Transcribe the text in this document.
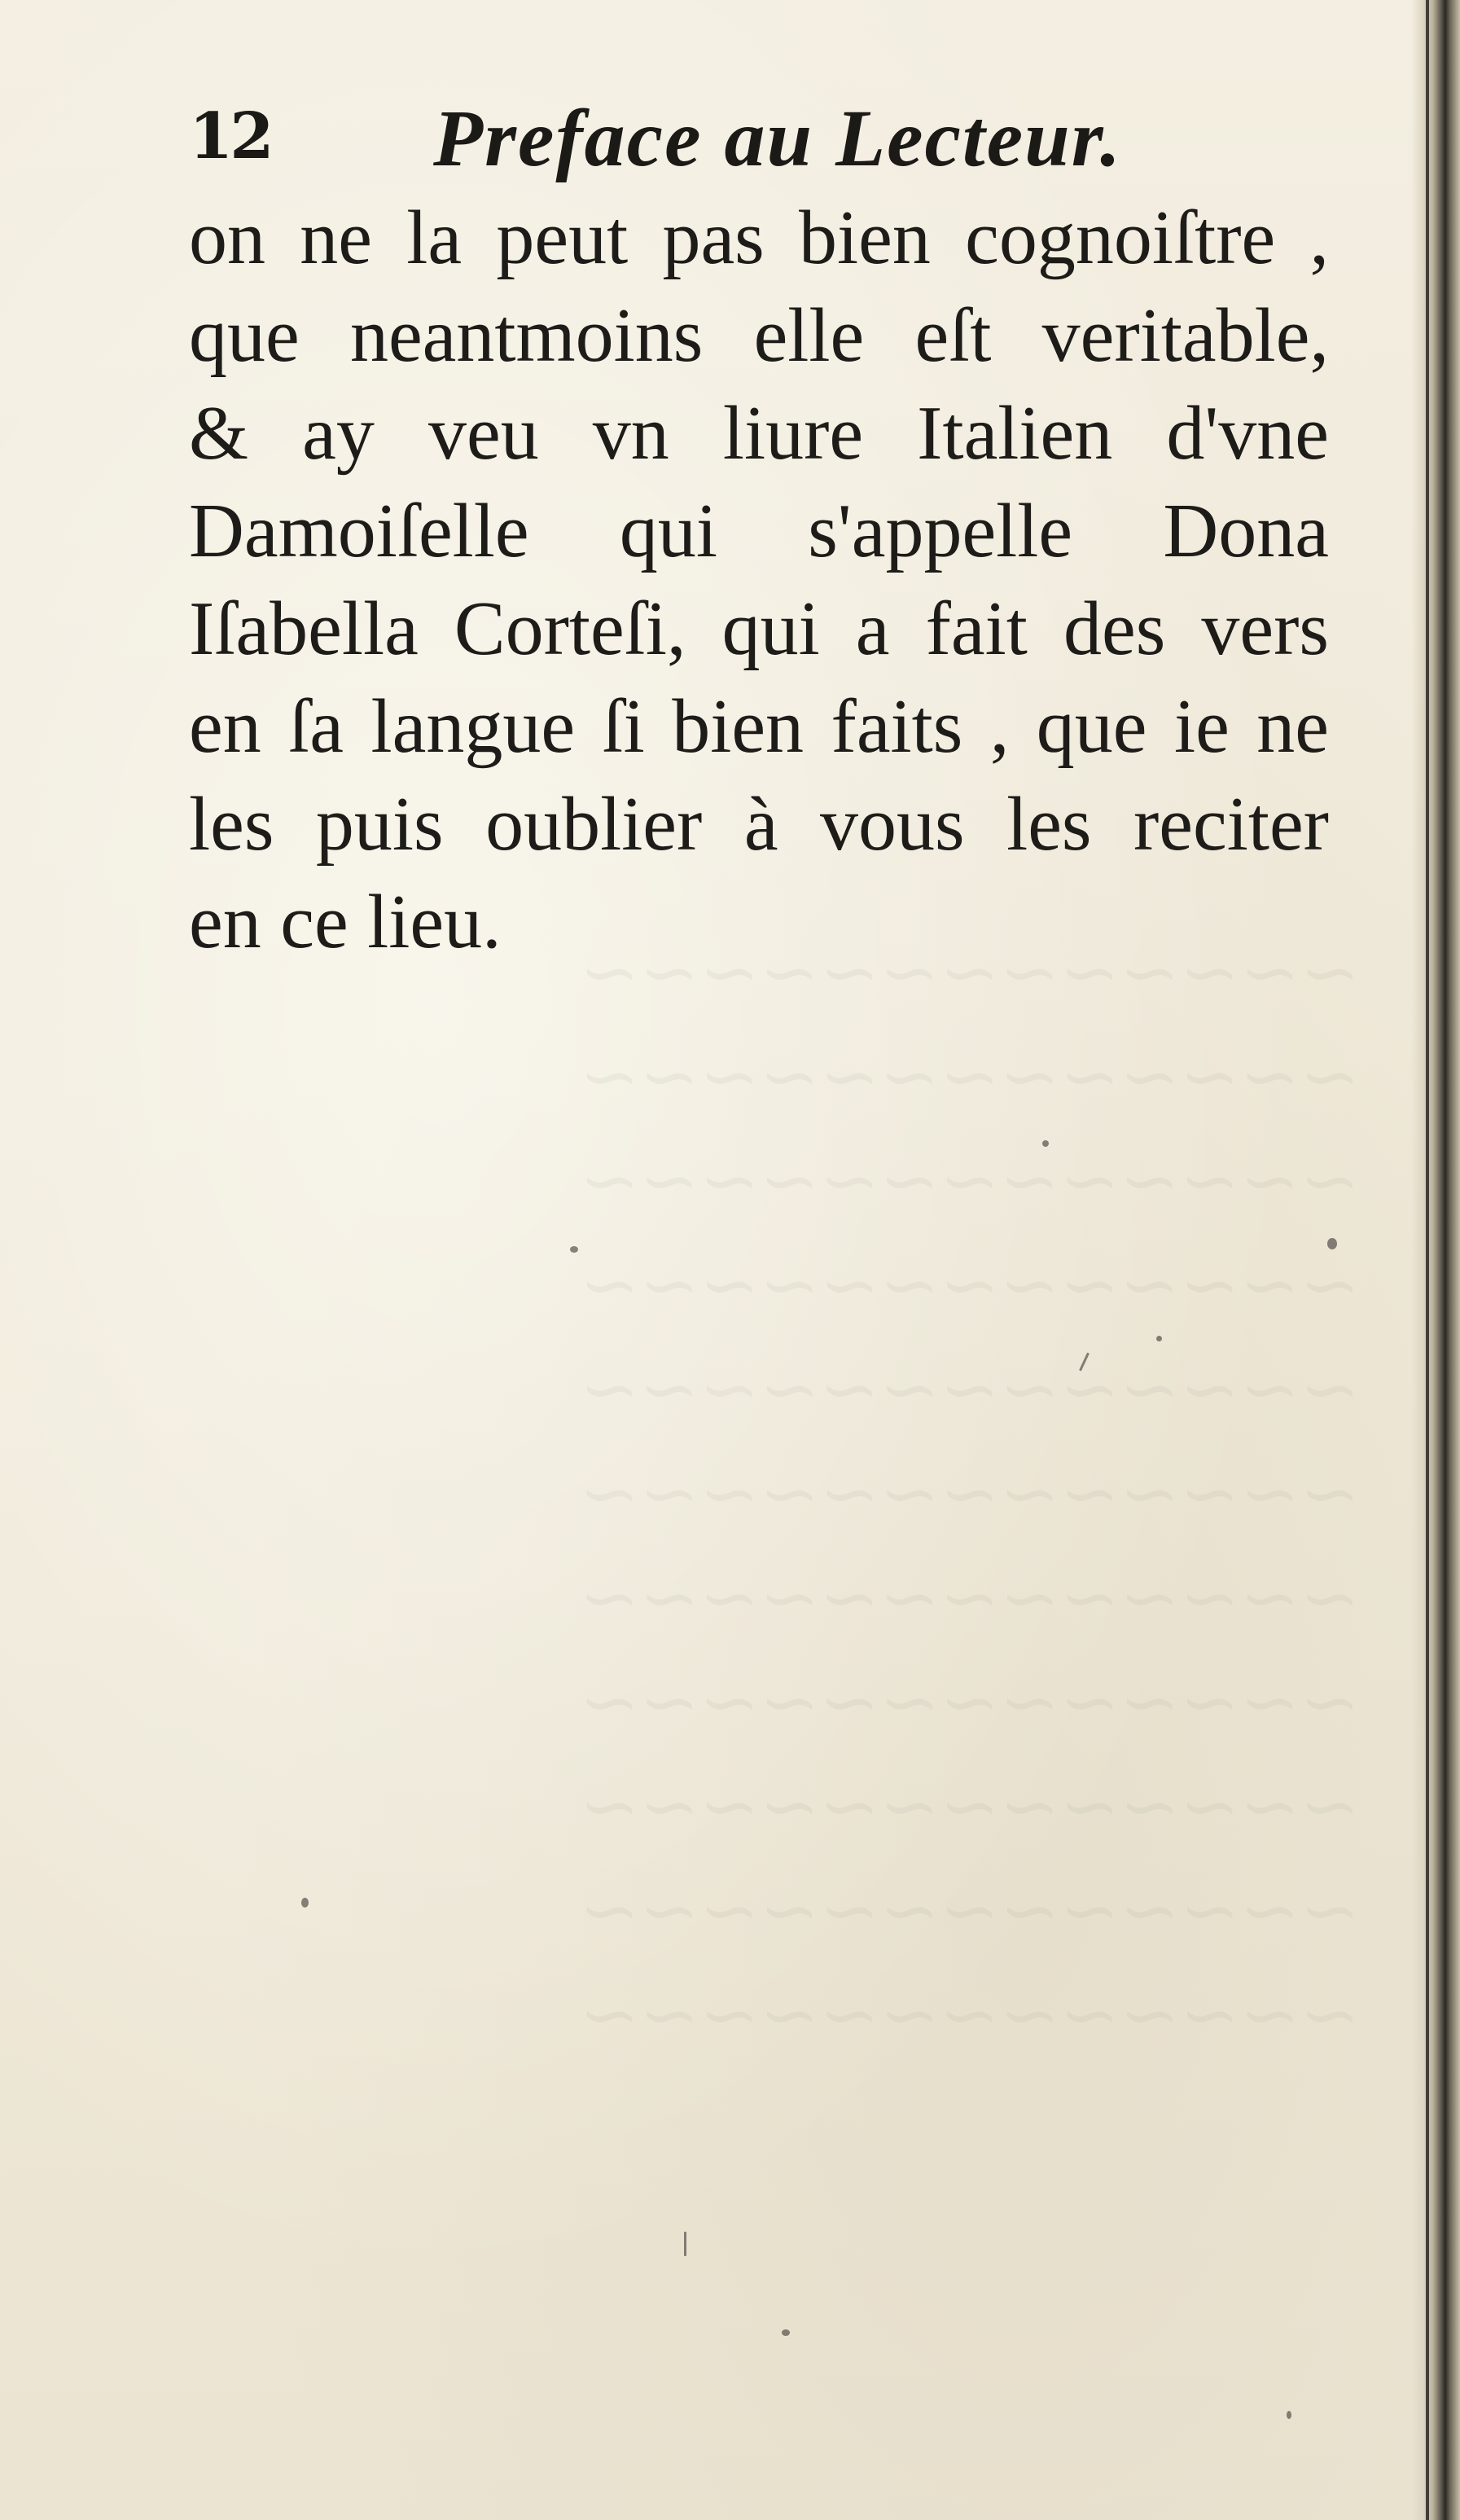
~~~~~~~~~~~~~
~~~~~~~~~~~~~
~~~~~~~~~~~~~
~~~~~~~~~~~~~
~~~~~~~~~~~~~
~~~~~~~~~~~~~
~~~~~~~~~~~~~
~~~~~~~~~~~~~
~~~~~~~~~~~~~
~~~~~~~~~~~~~
~~~~~~~~~~~~~
12 Preface au Lecteur.
on ne la peut pas bien cognoiſtre ,
que neantmoins elle eſt veritable,
& ay veu vn liure Italien d'vne
Damoiſelle qui s'appelle Dona
Iſabella Corteſi, qui a fait des vers
en ſa langue ſi bien faits , que ie ne
les puis oublier à vous les reciter
en ce lieu.
